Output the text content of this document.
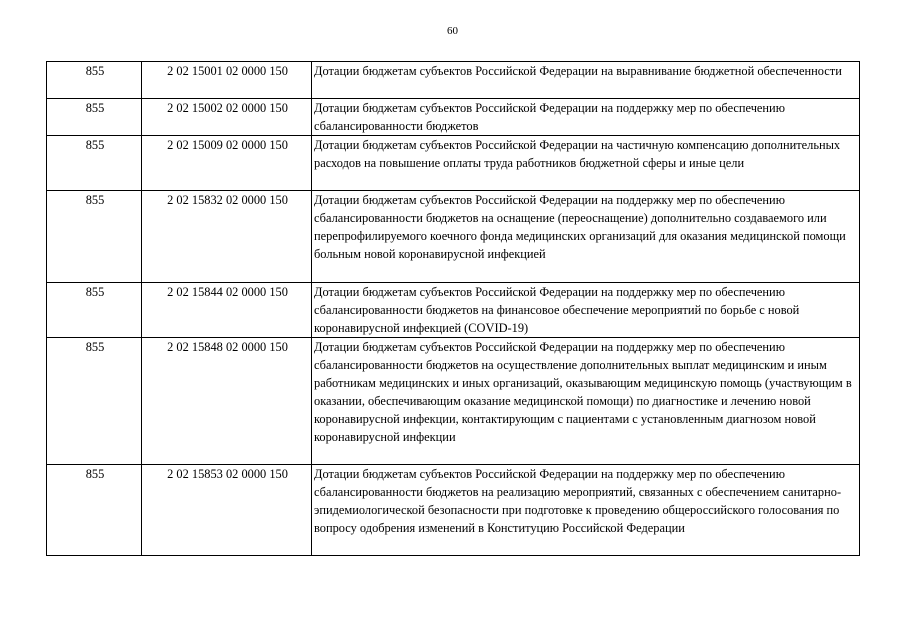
60
855	2 02 15001 02 0000 150	Дотации бюджетам субъектов Российской Федерации на выравнивание бюджетной обеспеченности
855	2 02 15002 02 0000 150	Дотации бюджетам субъектов Российской Федерации на поддержку мер по обеспечению сбалансированности бюджетов
855	2 02 15009 02 0000 150	Дотации бюджетам субъектов Российской Федерации на частичную компенсацию дополнительных расходов на повышение оплаты труда работников бюджетной сферы и иные цели
855	2 02 15832 02 0000 150	Дотации бюджетам субъектов Российской Федерации на поддержку мер по обеспечению сбалансированности бюджетов на оснащение (переоснащение) дополнительно создаваемого или перепрофилируемого коечного фонда медицинских организаций для оказания медицинской помощи больным новой коронавирусной инфекцией
855	2 02 15844 02 0000 150	Дотации бюджетам субъектов Российской Федерации на поддержку мер по обеспечению сбалансированности бюджетов на финансовое обеспечение мероприятий по борьбе с новой коронавирусной инфекцией (COVID-19)
855	2 02 15848 02 0000 150	Дотации бюджетам субъектов Российской Федерации на поддержку мер по обеспечению сбалансированности бюджетов на осуществление дополнительных выплат медицинским и иным работникам медицинских и иных организаций, оказывающим медицинскую помощь (участвующим в оказании, обеспечивающим оказание медицинской помощи) по диагностике и лечению новой коронавирусной инфекции, контактирующим с пациентами с установленным диагнозом новой коронавирусной инфекции
855	2 02 15853 02 0000 150	Дотации бюджетам субъектов Российской Федерации на поддержку мер по обеспечению сбалансированности бюджетов на реализацию мероприятий, связанных с обеспечением санитарно-эпидемиологической безопасности при подготовке к проведению общероссийского голосования по вопросу одобрения изменений в Конституцию Российской Федерации
